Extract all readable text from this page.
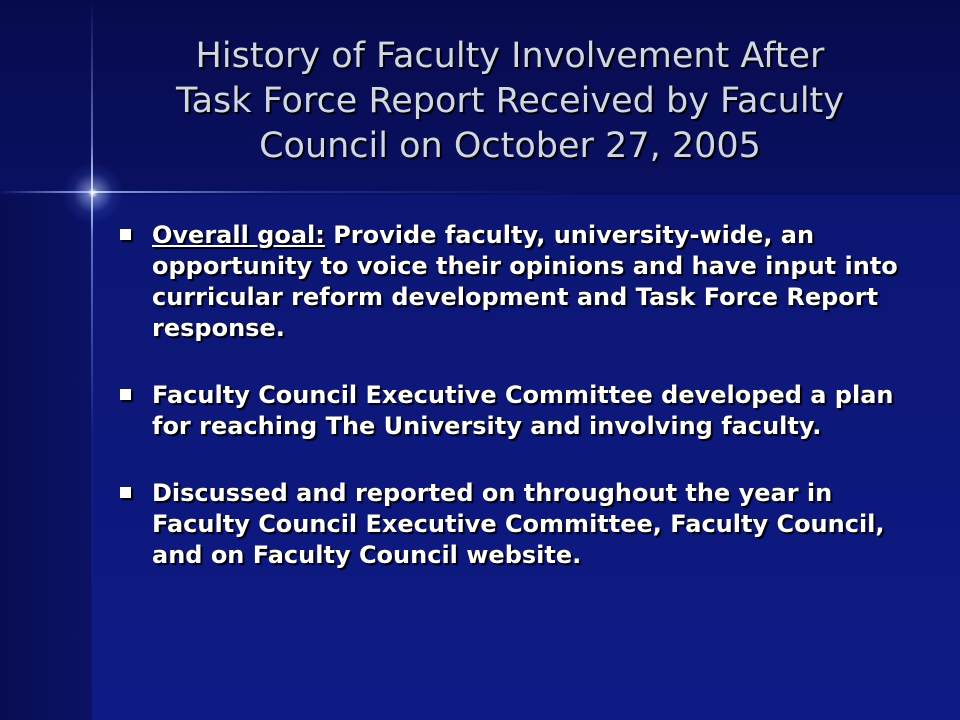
History of Faculty Involvement After
Task Force Report Received by Faculty
Council on October 27, 2005
Overall goal: Provide faculty, university-wide, an opportunity to voice their opinions and have input into curricular reform development and Task Force Report response.
Faculty Council Executive Committee developed a plan for reaching The University and involving faculty.
Discussed and reported on throughout the year in Faculty Council Executive Committee, Faculty Council, and on Faculty Council website.
